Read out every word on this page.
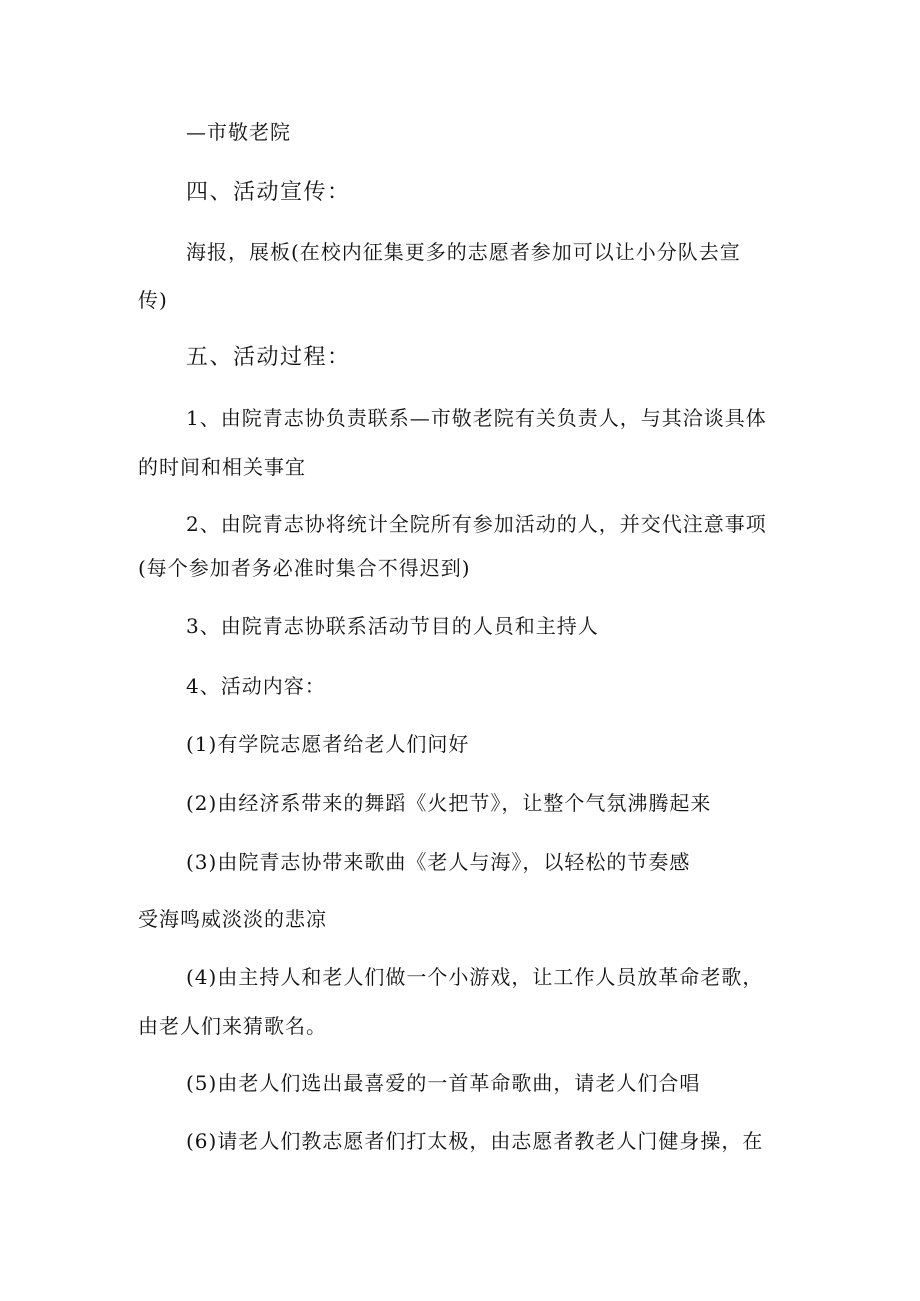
—市敬老院
四、活动宣传：
海报，展板(在校内征集更多的志愿者参加可以让小分队去宣
传)
五、活动过程：
1、由院青志协负责联系—市敬老院有关负责人，与其洽谈具体
的时间和相关事宜
2、由院青志协将统计全院所有参加活动的人，并交代注意事项
(每个参加者务必准时集合不得迟到)
3、由院青志协联系活动节目的人员和主持人
4、活动内容：
(1)有学院志愿者给老人们问好
(2)由经济系带来的舞蹈《火把节》，让整个气氛沸腾起来
(3)由院青志协带来歌曲《老人与海》，以轻松的节奏感
受海鸣威淡淡的悲凉
(4)由主持人和老人们做一个小游戏，让工作人员放革命老歌，
由老人们来猜歌名。
(5)由老人们选出最喜爱的一首革命歌曲，请老人们合唱
(6)请老人们教志愿者们打太极，由志愿者教老人门健身操，在
